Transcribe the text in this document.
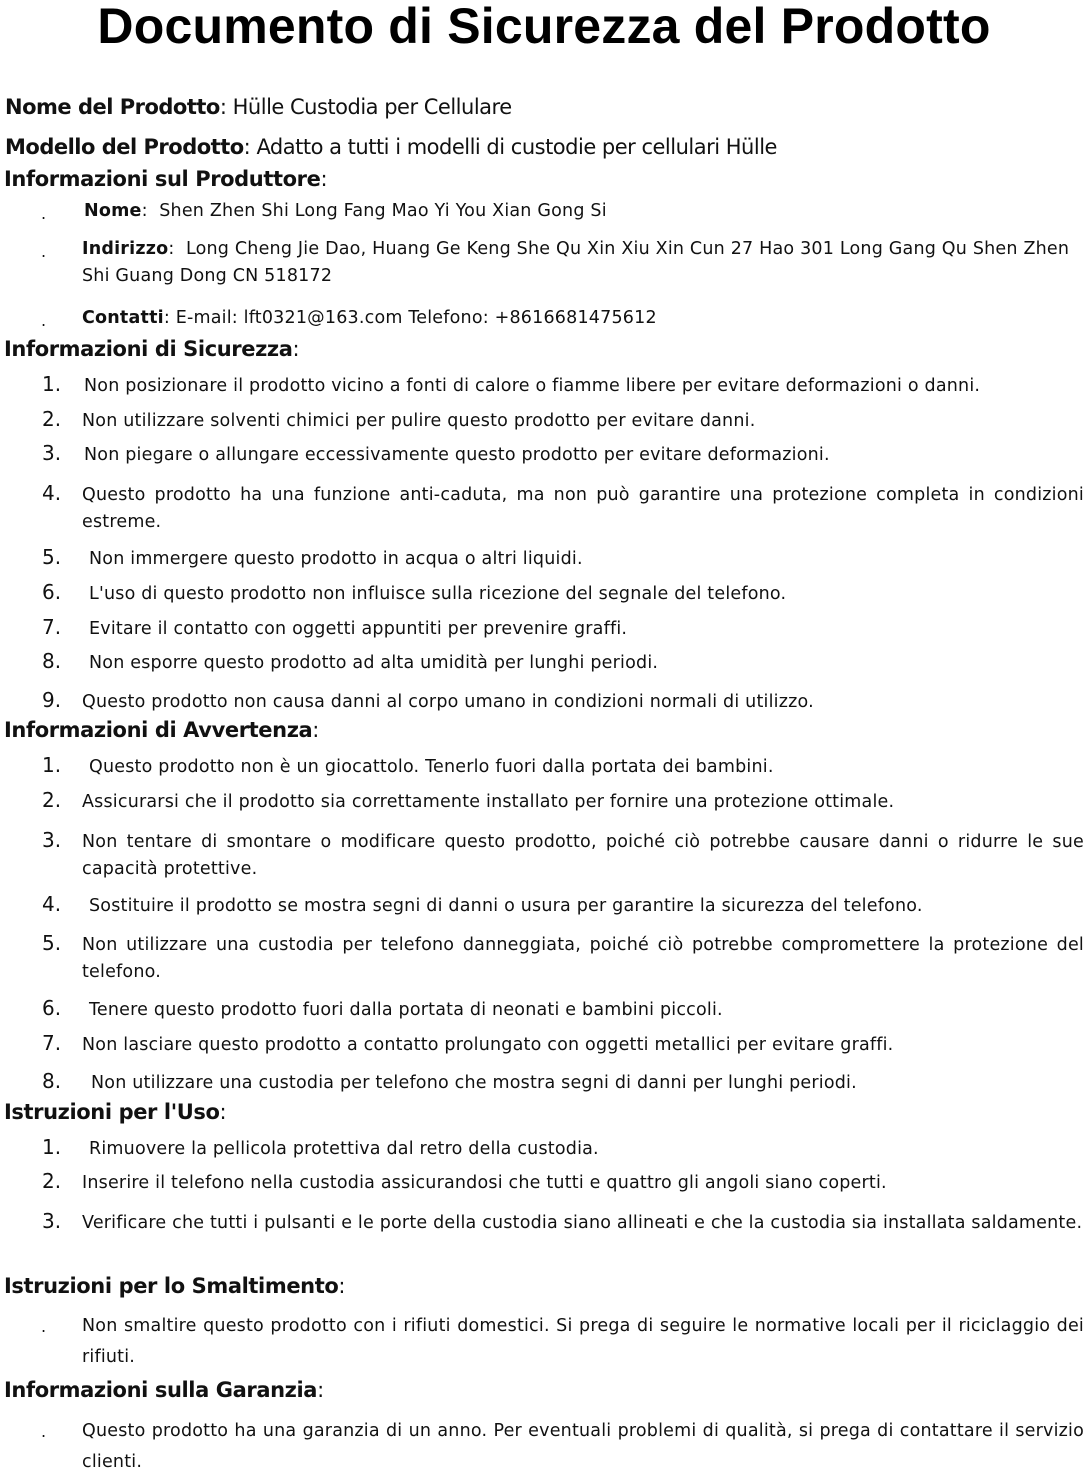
Documento di Sicurezza del Prodotto
Nome del Prodotto: Hülle Custodia per Cellulare
Modello del Prodotto: Adatto a tutti i modelli di custodie per cellulari Hülle
Informazioni sul Produttore:
. Nome: Shen Zhen Shi Long Fang Mao Yi You Xian Gong Si
. Indirizzo: Long Cheng Jie Dao, Huang Ge Keng She Qu Xin Xiu Xin Cun 27 Hao 301 Long Gang Qu Shen Zhen Shi Guang Dong CN 518172
. Contatti: E-mail: lft0321@163.com Telefono: +8616681475612
Informazioni di Sicurezza:
1.	Non posizionare il prodotto vicino a fonti di calore o fiamme libere per evitare deformazioni o danni.
2.	Non utilizzare solventi chimici per pulire questo prodotto per evitare danni.
3.	Non piegare o allungare eccessivamente questo prodotto per evitare deformazioni.
4.	Questo prodotto ha una funzione anti-caduta, ma non può garantire una protezione completa in condizioni estreme.
5.	Non immergere questo prodotto in acqua o altri liquidi.
6.	L'uso di questo prodotto non influisce sulla ricezione del segnale del telefono.
7.	Evitare il contatto con oggetti appuntiti per prevenire graffi.
8.	Non esporre questo prodotto ad alta umidità per lunghi periodi.
9.	Questo prodotto non causa danni al corpo umano in condizioni normali di utilizzo.
Informazioni di Avvertenza:
1.	Questo prodotto non è un giocattolo. Tenerlo fuori dalla portata dei bambini.
2.	Assicurarsi che il prodotto sia correttamente installato per fornire una protezione ottimale.
3.	Non tentare di smontare o modificare questo prodotto, poiché ciò potrebbe causare danni o ridurre le sue capacità protettive.
4.	Sostituire il prodotto se mostra segni di danni o usura per garantire la sicurezza del telefono.
5.	Non utilizzare una custodia per telefono danneggiata, poiché ciò potrebbe compromettere la protezione del telefono.
6.	Tenere questo prodotto fuori dalla portata di neonati e bambini piccoli.
7.	Non lasciare questo prodotto a contatto prolungato con oggetti metallici per evitare graffi.
8.	Non utilizzare una custodia per telefono che mostra segni di danni per lunghi periodi.
Istruzioni per l'Uso:
1.	Rimuovere la pellicola protettiva dal retro della custodia.
2.	Inserire il telefono nella custodia assicurandosi che tutti e quattro gli angoli siano coperti.
3.	Verificare che tutti i pulsanti e le porte della custodia siano allineati e che la custodia sia installata saldamente.
Istruzioni per lo Smaltimento:
. Non smaltire questo prodotto con i rifiuti domestici. Si prega di seguire le normative locali per il riciclaggio dei rifiuti.
Informazioni sulla Garanzia:
. Questo prodotto ha una garanzia di un anno. Per eventuali problemi di qualità, si prega di contattare il servizio clienti.
